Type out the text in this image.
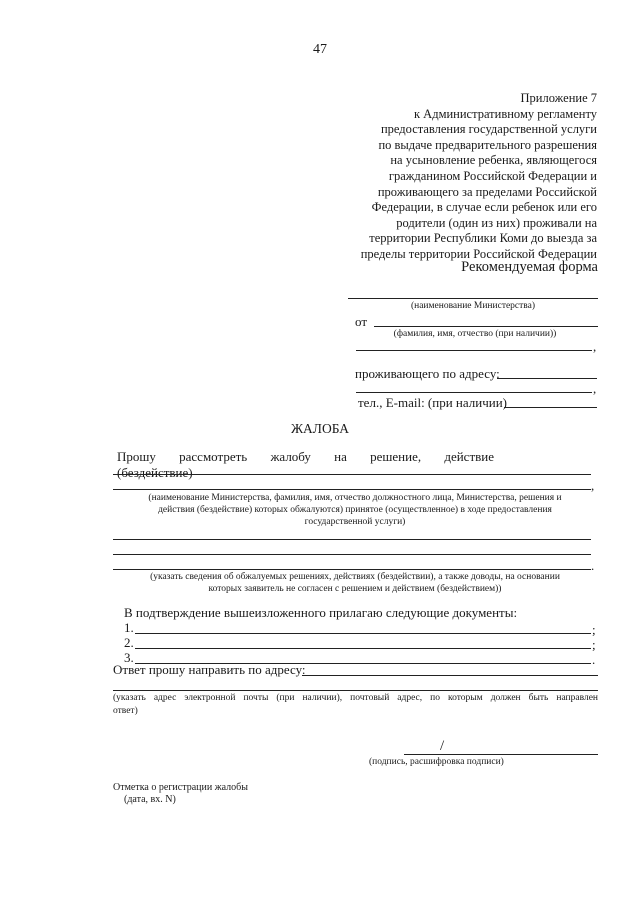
47
Приложение 7
к Административному регламенту
предоставления государственной услуги
по выдаче предварительного разрешения
на усыновление ребенка, являющегося
гражданином Российской Федерации и
проживающего за пределами Российской
Федерации, в случае если ребенок или его
родители (один из них) проживали на
территории Республики Коми до выезда за
пределы территории Российской Федерации
Рекомендуемая форма
(наименование Министерства)
от
(фамилия, имя, отчество (при наличии))
,
проживающего по адресу:
,
тел., E-mail: (при наличии)
ЖАЛОБА
Прошу рассмотреть жалобу на решение, действие (бездействие)
,
(наименование Министерства, фамилия, имя, отчество должностного лица, Министерства, решения и
действия (бездействие) которых обжалуются) принятое (осуществленное) в ходе предоставления
государственной услуги)
.
(указать сведения об обжалуемых решениях, действиях (бездействии), а также доводы, на основании
которых заявитель не согласен с решением и действием (бездействием))
В подтверждение вышеизложенного прилагаю следующие документы:
1.	;
2.	;
3.	.
Ответ прошу направить по адресу:
(указать адрес электронной почты (при наличии), почтовый адрес, по которым должен быть направлен
ответ)
/
(подпись, расшифровка подписи)
Отметка о регистрации жалобы
(дата, вх. N)
